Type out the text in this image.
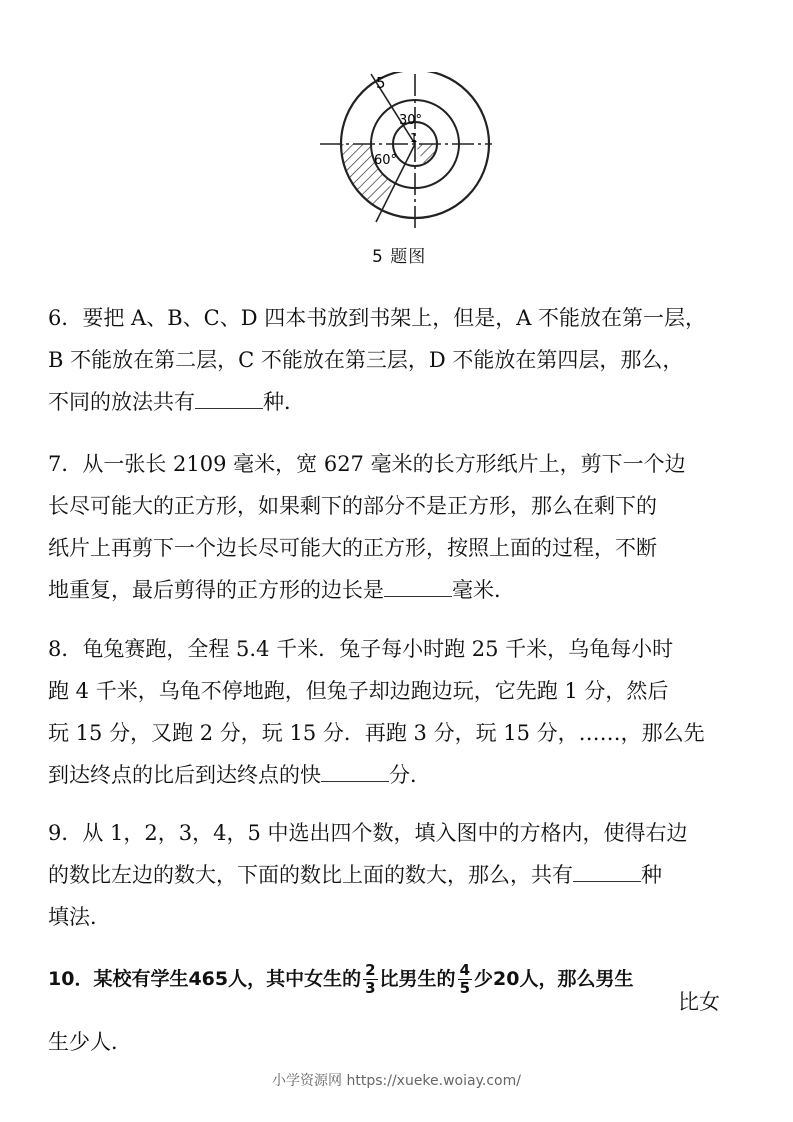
5
30°
1
60°
5 题图
6．要把 A、B、C、D 四本书放到书架上，但是，A 不能放在第一层，
B 不能放在第二层，C 不能放在第三层，D 不能放在第四层，那么，
不同的放法共有	种．
7．从一张长 2109 毫米，宽 627 毫米的长方形纸片上，剪下一个边
长尽可能大的正方形，如果剩下的部分不是正方形，那么在剩下的
纸片上再剪下一个边长尽可能大的正方形，按照上面的过程，不断
地重复，最后剪得的正方形的边长是	毫米．
8．龟兔赛跑，全程 5.4 千米．兔子每小时跑 25 千米，乌龟每小时
跑 4 千米，乌龟不停地跑，但兔子却边跑边玩，它先跑 1 分，然后
玩 15 分，又跑 2 分，玩 15 分．再跑 3 分，玩 15 分，……，那么先
到达终点的比后到达终点的快	分．
9．从 1，2，3，4，5 中选出四个数，填入图中的方格内，使得右边
的数比左边的数大，下面的数比上面的数大，那么，共有	种
填法．
10．某校有学生465人，其中女生的 $\frac{2}{3}$ 比男生的 $\frac{4}{5}$ 少20人，那么男生
比女
生少人．
小学资源网 https://xueke.woiay.com/
